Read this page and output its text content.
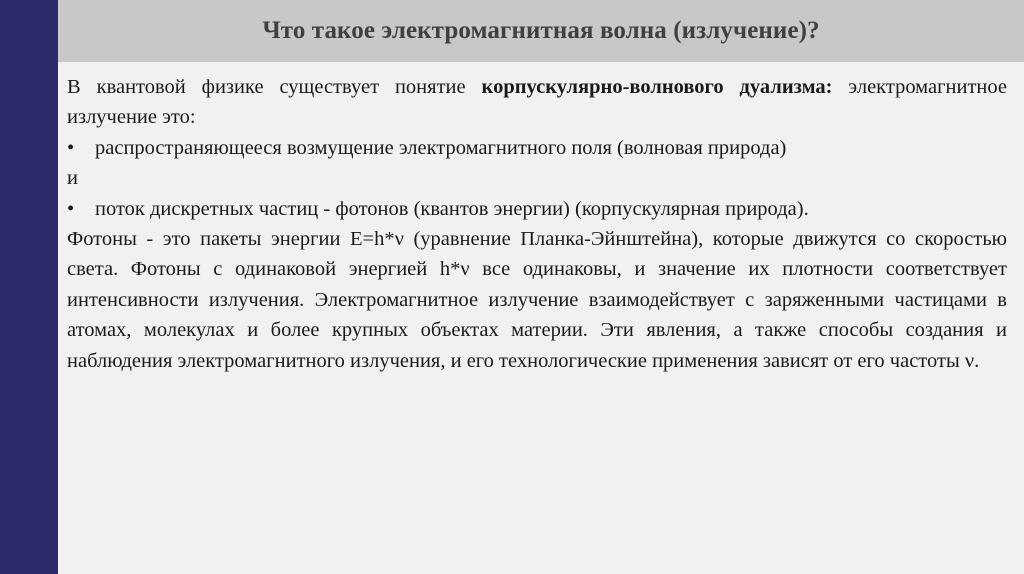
Что такое электромагнитная волна (излучение)?

В квантовой физике существует понятие корпускулярно-волнового дуализма: электромагнитное излучение это:

•	распространяющееся возмущение электромагнитного поля (волновая природа)

и

•	поток дискретных частиц - фотонов (квантов энергии) (корпускулярная природа).

Фотоны - это пакеты энергии E=h*ν (уравнение Планка-Эйнштейна), которые движутся со скоростью света. Фотоны с одинаковой энергией h*ν все одинаковы, и значение их плотности соответствует интенсивности излучения. Электромагнитное излучение взаимодействует с заряженными частицами в атомах, молекулах и более крупных объектах материи. Эти явления, а также способы создания и наблюдения электромагнитного излучения, и его технологические применения зависят от его частоты ν.
